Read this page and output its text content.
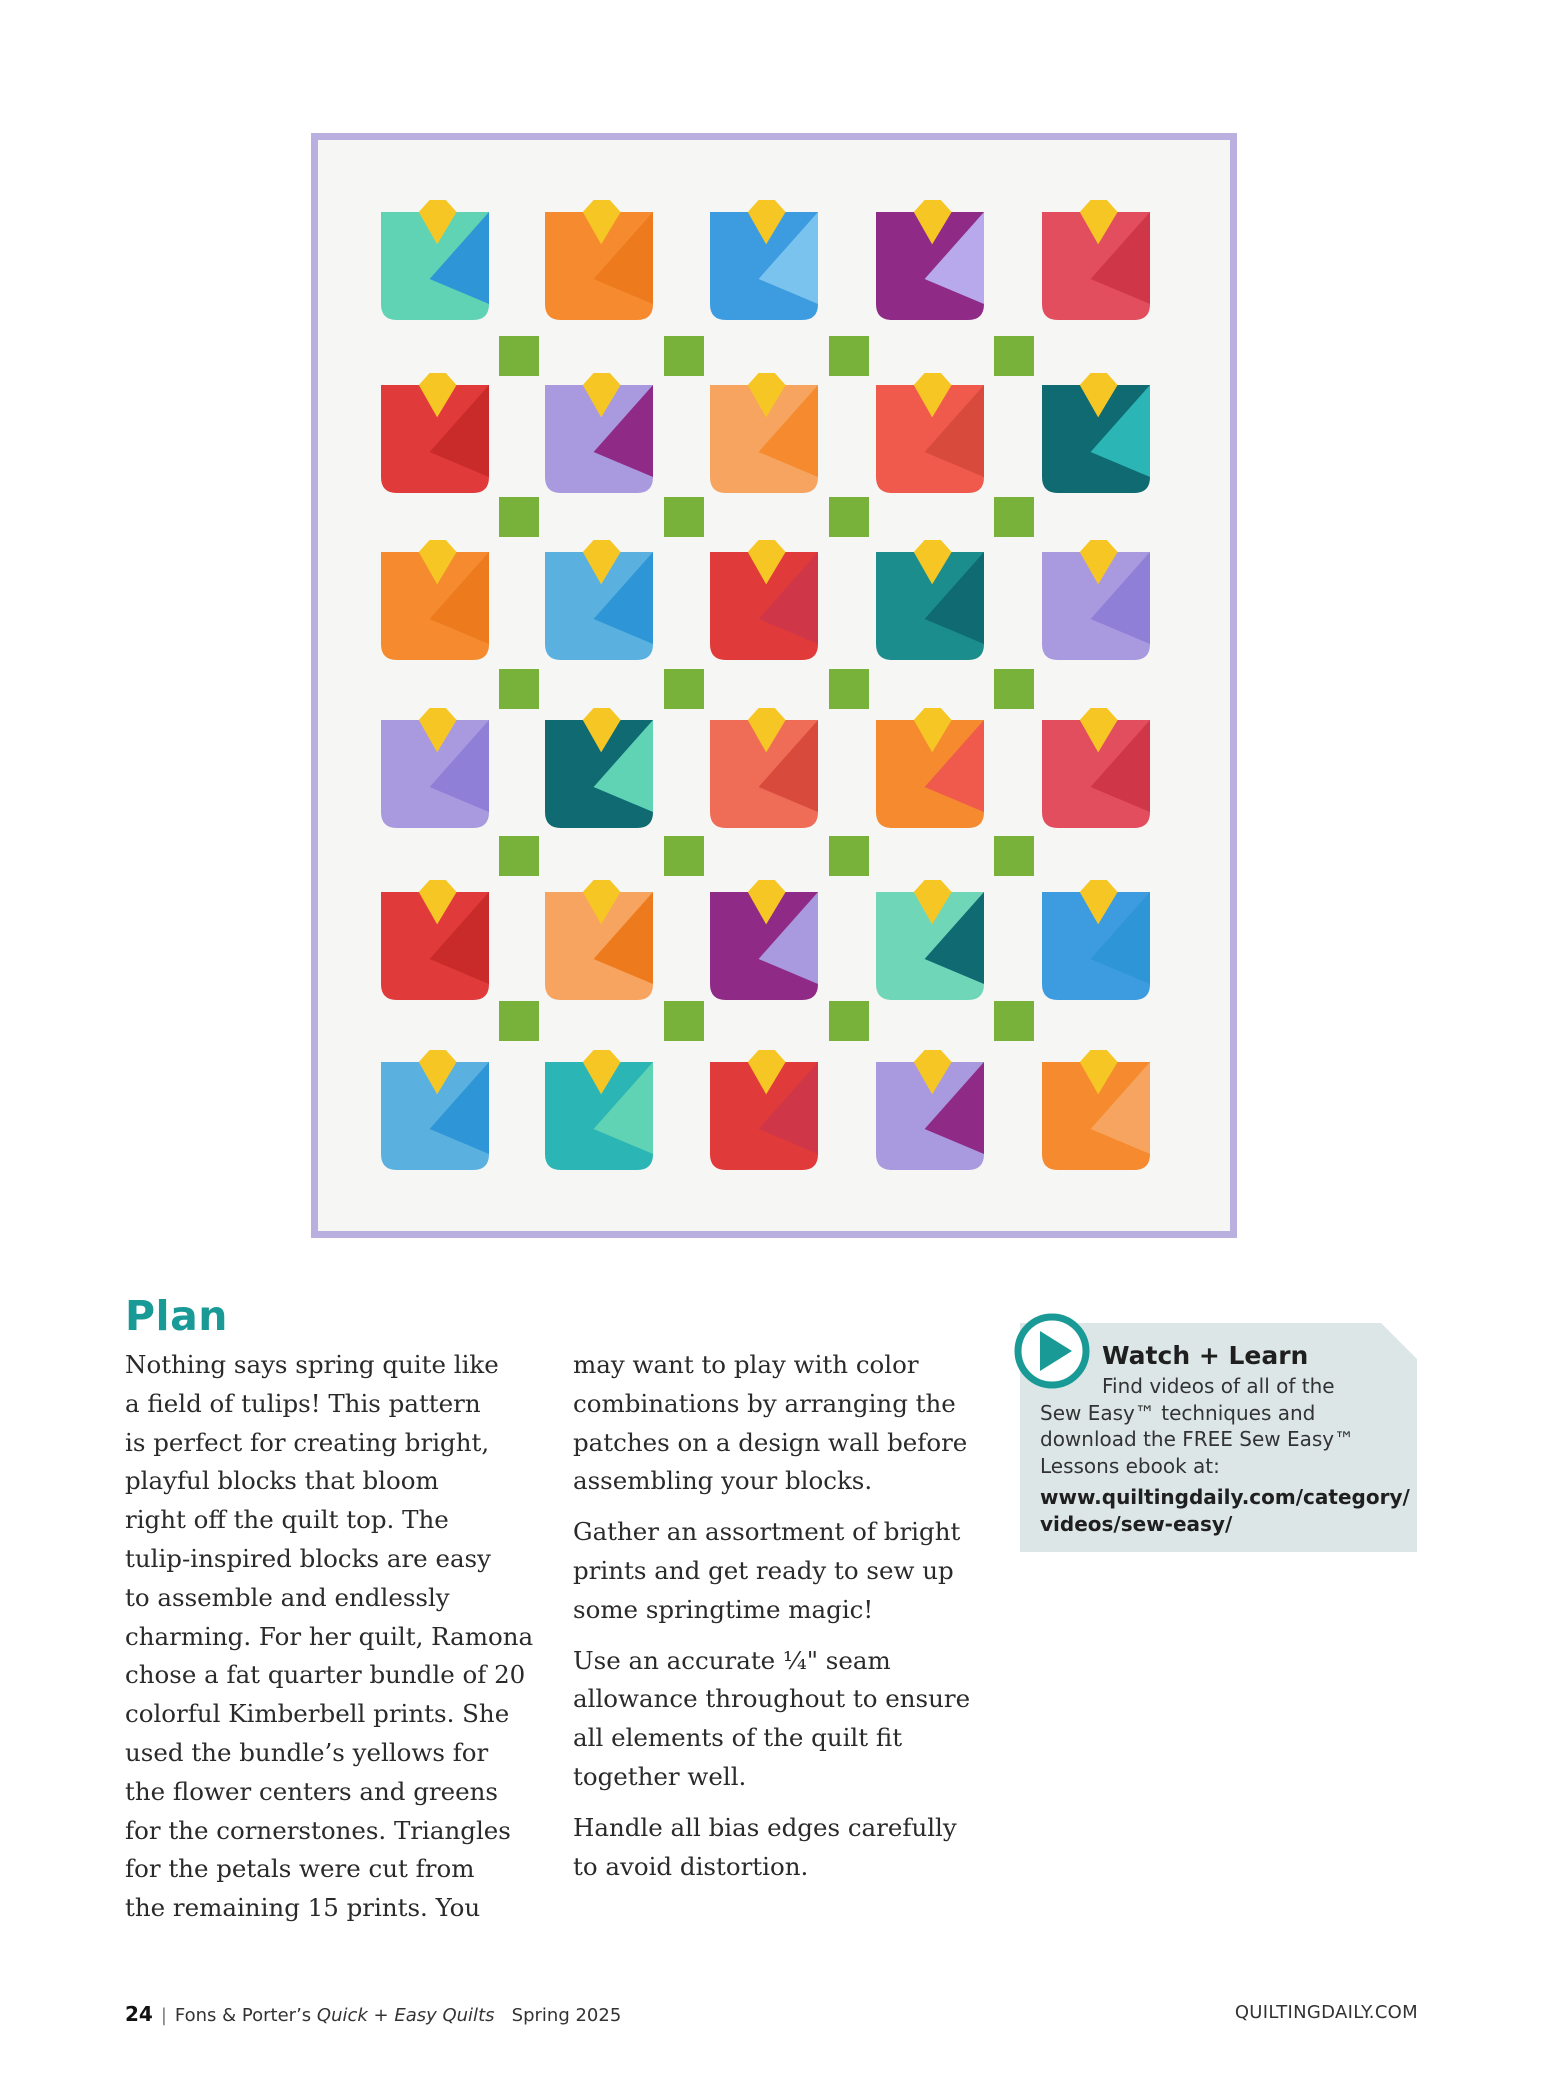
Plan
Nothing says spring quite like
a field of tulips! This pattern
is perfect for creating bright,
playful blocks that bloom
right off the quilt top. The
tulip-inspired blocks are easy
to assemble and endlessly
charming. For her quilt, Ramona
chose a fat quarter bundle of 20
colorful Kimberbell prints. She
used the bundle’s yellows for
the flower centers and greens
for the cornerstones. Triangles
for the petals were cut from
the remaining 15 prints. You

may want to play with color
combinations by arranging the
patches on a design wall before
assembling your blocks.

Gather an assortment of bright
prints and get ready to sew up
some springtime magic!

Use an accurate ¼" seam
allowance throughout to ensure
all elements of the quilt fit
together well.

Handle all bias edges carefully
to avoid distortion.

Watch + Learn
Find videos of all of the
Sew Easy™ techniques and
download the FREE Sew Easy™
Lessons ebook at:
www.quiltingdaily.com/category/
videos/sew-easy/
24 | Fons & Porter’s Quick + Easy Quilts Spring 2025	QUILTINGDAILY.COM
